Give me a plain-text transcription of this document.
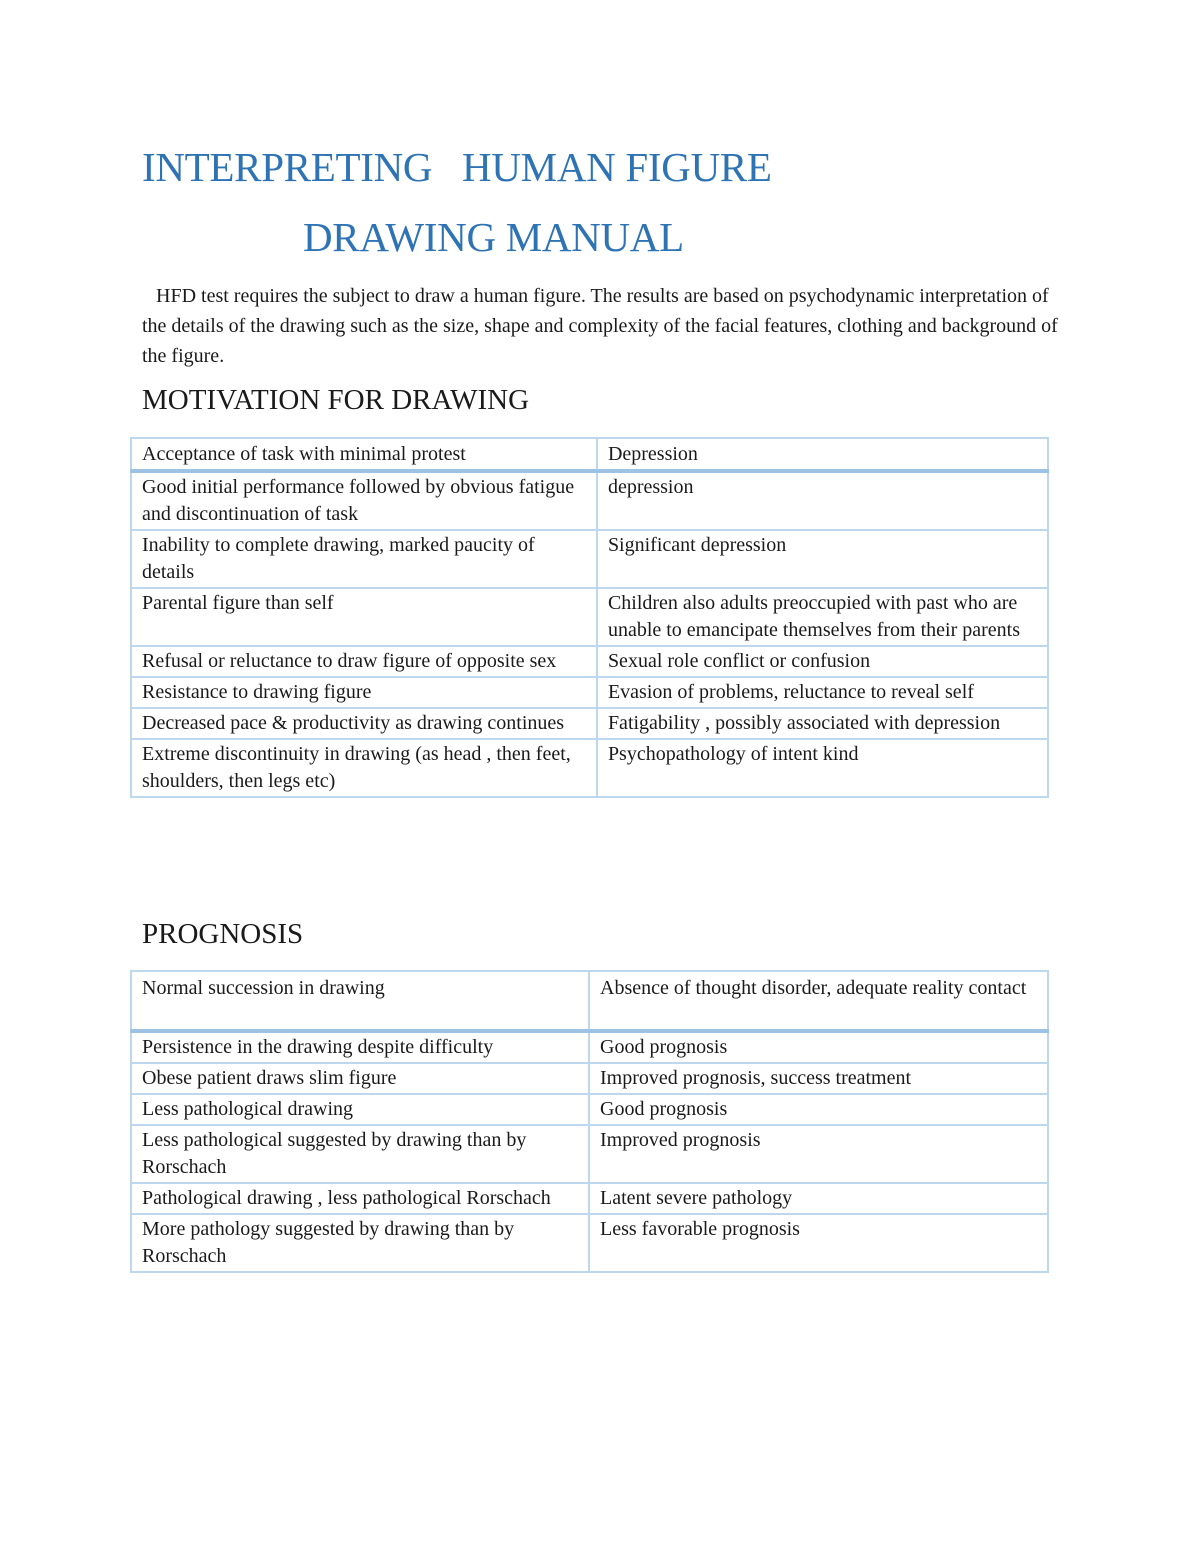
INTERPRETING   HUMAN FIGURE
DRAWING MANUAL

HFD test requires the subject to draw a human figure. The results are based on psychodynamic interpretation of the details of the drawing such as the size, shape and complexity of the facial features, clothing and background of the figure.

MOTIVATION FOR DRAWING
Acceptance of task with minimal protest	Depression
Good initial performance followed by obvious fatigue and discontinuation of task	depression
Inability to complete drawing, marked paucity of details	Significant depression
Parental figure than self	Children also adults preoccupied with past who are unable to emancipate themselves from their parents
Refusal or reluctance to draw figure of opposite sex	Sexual role conflict or confusion
Resistance to drawing figure	Evasion of problems, reluctance to reveal self
Decreased pace & productivity as drawing continues	Fatigability , possibly associated with depression
Extreme discontinuity in drawing (as head , then feet, shoulders, then legs etc)	Psychopathology of intent kind
PROGNOSIS
Normal succession in drawing	Absence of thought disorder, adequate reality contact
Persistence in the drawing despite difficulty	Good prognosis
Obese patient draws slim figure	Improved prognosis, success treatment
Less pathological drawing	Good prognosis
Less pathological suggested by drawing than by Rorschach	Improved prognosis
Pathological drawing , less pathological Rorschach	Latent severe pathology
More pathology suggested by drawing than by Rorschach	Less favorable prognosis
